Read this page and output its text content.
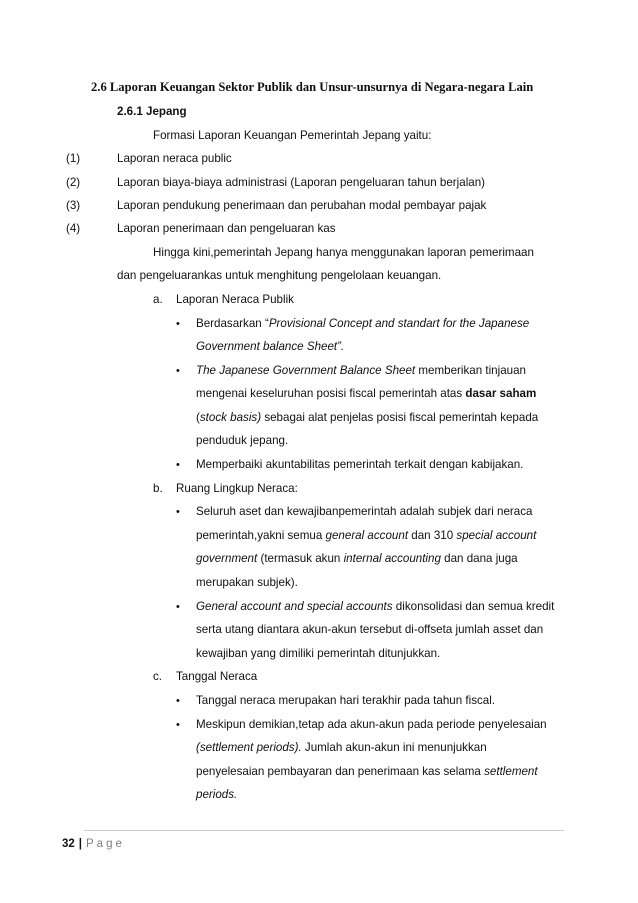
2.6 Laporan Keuangan Sektor Publik dan Unsur-unsurnya di Negara-negara Lain
2.6.1 Jepang
Formasi Laporan Keuangan Pemerintah Jepang yaitu:
(1)	Laporan neraca public
(2)	Laporan biaya-biaya administrasi (Laporan pengeluaran tahun berjalan)
(3)	Laporan pendukung penerimaan dan perubahan modal pembayar pajak
(4)	Laporan penerimaan dan pengeluaran kas
Hingga kini,pemerintah Jepang hanya menggunakan laporan pemerimaan
dan pengeluarankas untuk menghitung pengelolaan keuangan.
a. Laporan Neraca Publik
• Berdasarkan “Provisional Concept and standart for the Japanese
Government balance Sheet”.
• The Japanese Government Balance Sheet memberikan tinjauan
mengenai keseluruhan posisi fiscal pemerintah atas dasar saham
(stock basis) sebagai alat penjelas posisi fiscal pemerintah kepada
penduduk jepang.
• Memperbaiki akuntabilitas pemerintah terkait dengan kabijakan.
b. Ruang Lingkup Neraca:
• Seluruh aset dan kewajibanpemerintah adalah subjek dari neraca
pemerintah,yakni semua general account dan 310 special account
government (termasuk akun internal accounting dan dana juga
merupakan subjek).
• General account and special accounts dikonsolidasi dan semua kredit
serta utang diantara akun-akun tersebut di-offseta jumlah asset dan
kewajiban yang dimiliki pemerintah ditunjukkan.
c. Tanggal Neraca
• Tanggal neraca merupakan hari terakhir pada tahun fiscal.
• Meskipun demikian,tetap ada akun-akun pada periode penyelesaian
(settlement periods). Jumlah akun-akun ini menunjukkan
penyelesaian pembayaran dan penerimaan kas selama settlement
periods.
32 | Page
